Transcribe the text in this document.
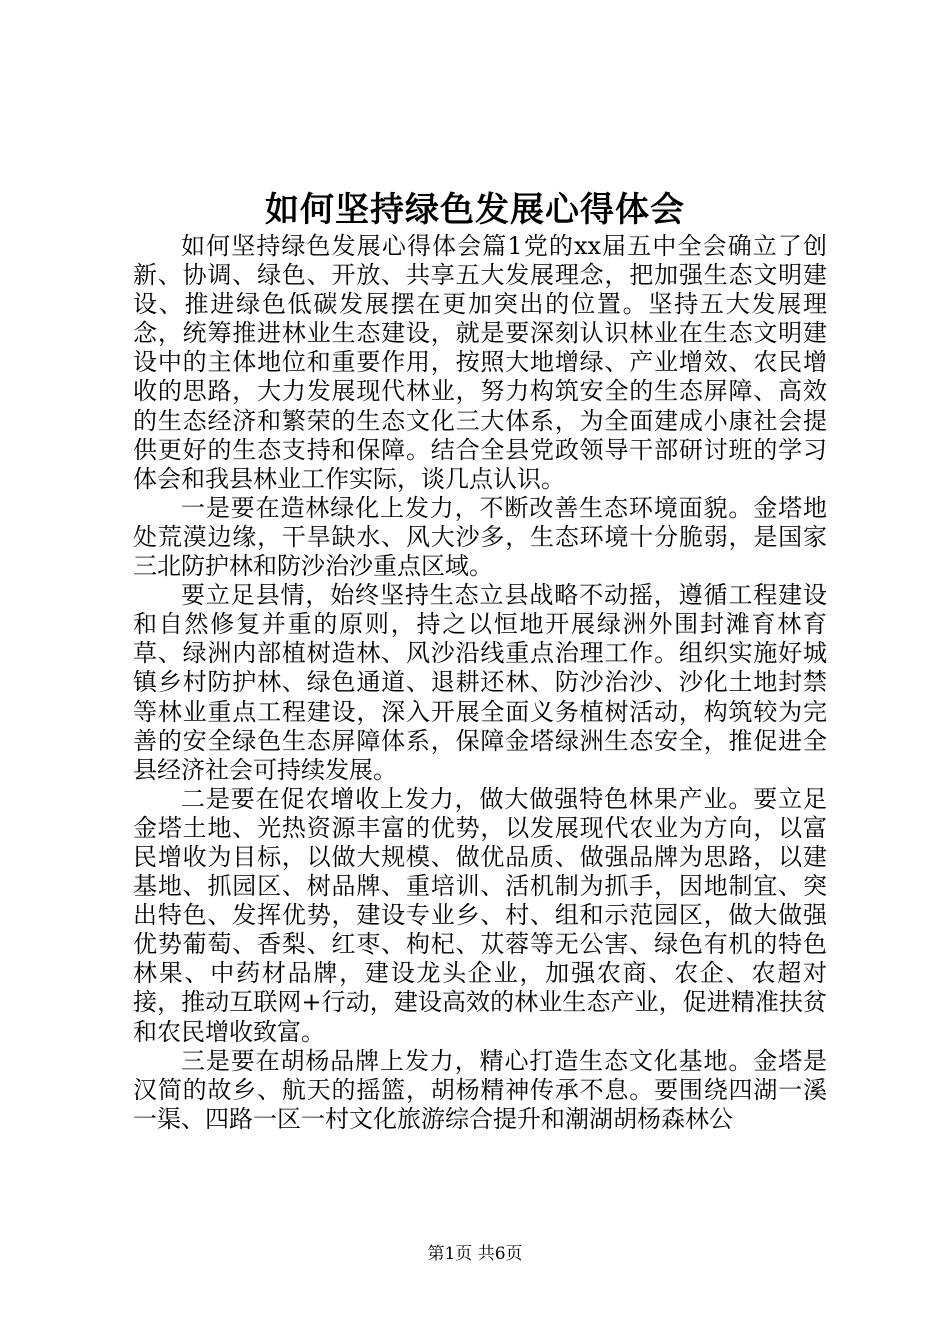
如何坚持绿色发展心得体会

如何坚持绿色发展心得体会篇1党的xx届五中全会确立了创新、协调、绿色、开放、共享五大发展理念，把加强生态文明建设、推进绿色低碳发展摆在更加突出的位置。坚持五大发展理念，统筹推进林业生态建设，就是要深刻认识林业在生态文明建设中的主体地位和重要作用，按照大地增绿、产业增效、农民增收的思路，大力发展现代林业，努力构筑安全的生态屏障、高效的生态经济和繁荣的生态文化三大体系，为全面建成小康社会提供更好的生态支持和保障。结合全县党政领导干部研讨班的学习体会和我县林业工作实际，谈几点认识。

一是要在造林绿化上发力，不断改善生态环境面貌。金塔地处荒漠边缘，干旱缺水、风大沙多，生态环境十分脆弱，是国家三北防护林和防沙治沙重点区域。

要立足县情，始终坚持生态立县战略不动摇，遵循工程建设和自然修复并重的原则，持之以恒地开展绿洲外围封滩育林育草、绿洲内部植树造林、风沙沿线重点治理工作。组织实施好城镇乡村防护林、绿色通道、退耕还林、防沙治沙、沙化土地封禁等林业重点工程建设，深入开展全面义务植树活动，构筑较为完善的安全绿色生态屏障体系，保障金塔绿洲生态安全，推促进全县经济社会可持续发展。

二是要在促农增收上发力，做大做强特色林果产业。要立足金塔土地、光热资源丰富的优势，以发展现代农业为方向，以富民增收为目标，以做大规模、做优品质、做强品牌为思路，以建基地、抓园区、树品牌、重培训、活机制为抓手，因地制宜、突出特色、发挥优势，建设专业乡、村、组和示范园区，做大做强优势葡萄、香梨、红枣、枸杞、苁蓉等无公害、绿色有机的特色林果、中药材品牌，建设龙头企业，加强农商、农企、农超对接，推动互联网+行动，建设高效的林业生态产业，促进精准扶贫和农民增收致富。

三是要在胡杨品牌上发力，精心打造生态文化基地。金塔是汉简的故乡、航天的摇篮，胡杨精神传承不息。要围绕四湖一溪一渠、四路一区一村文化旅游综合提升和潮湖胡杨森林公

第1页 共6页
